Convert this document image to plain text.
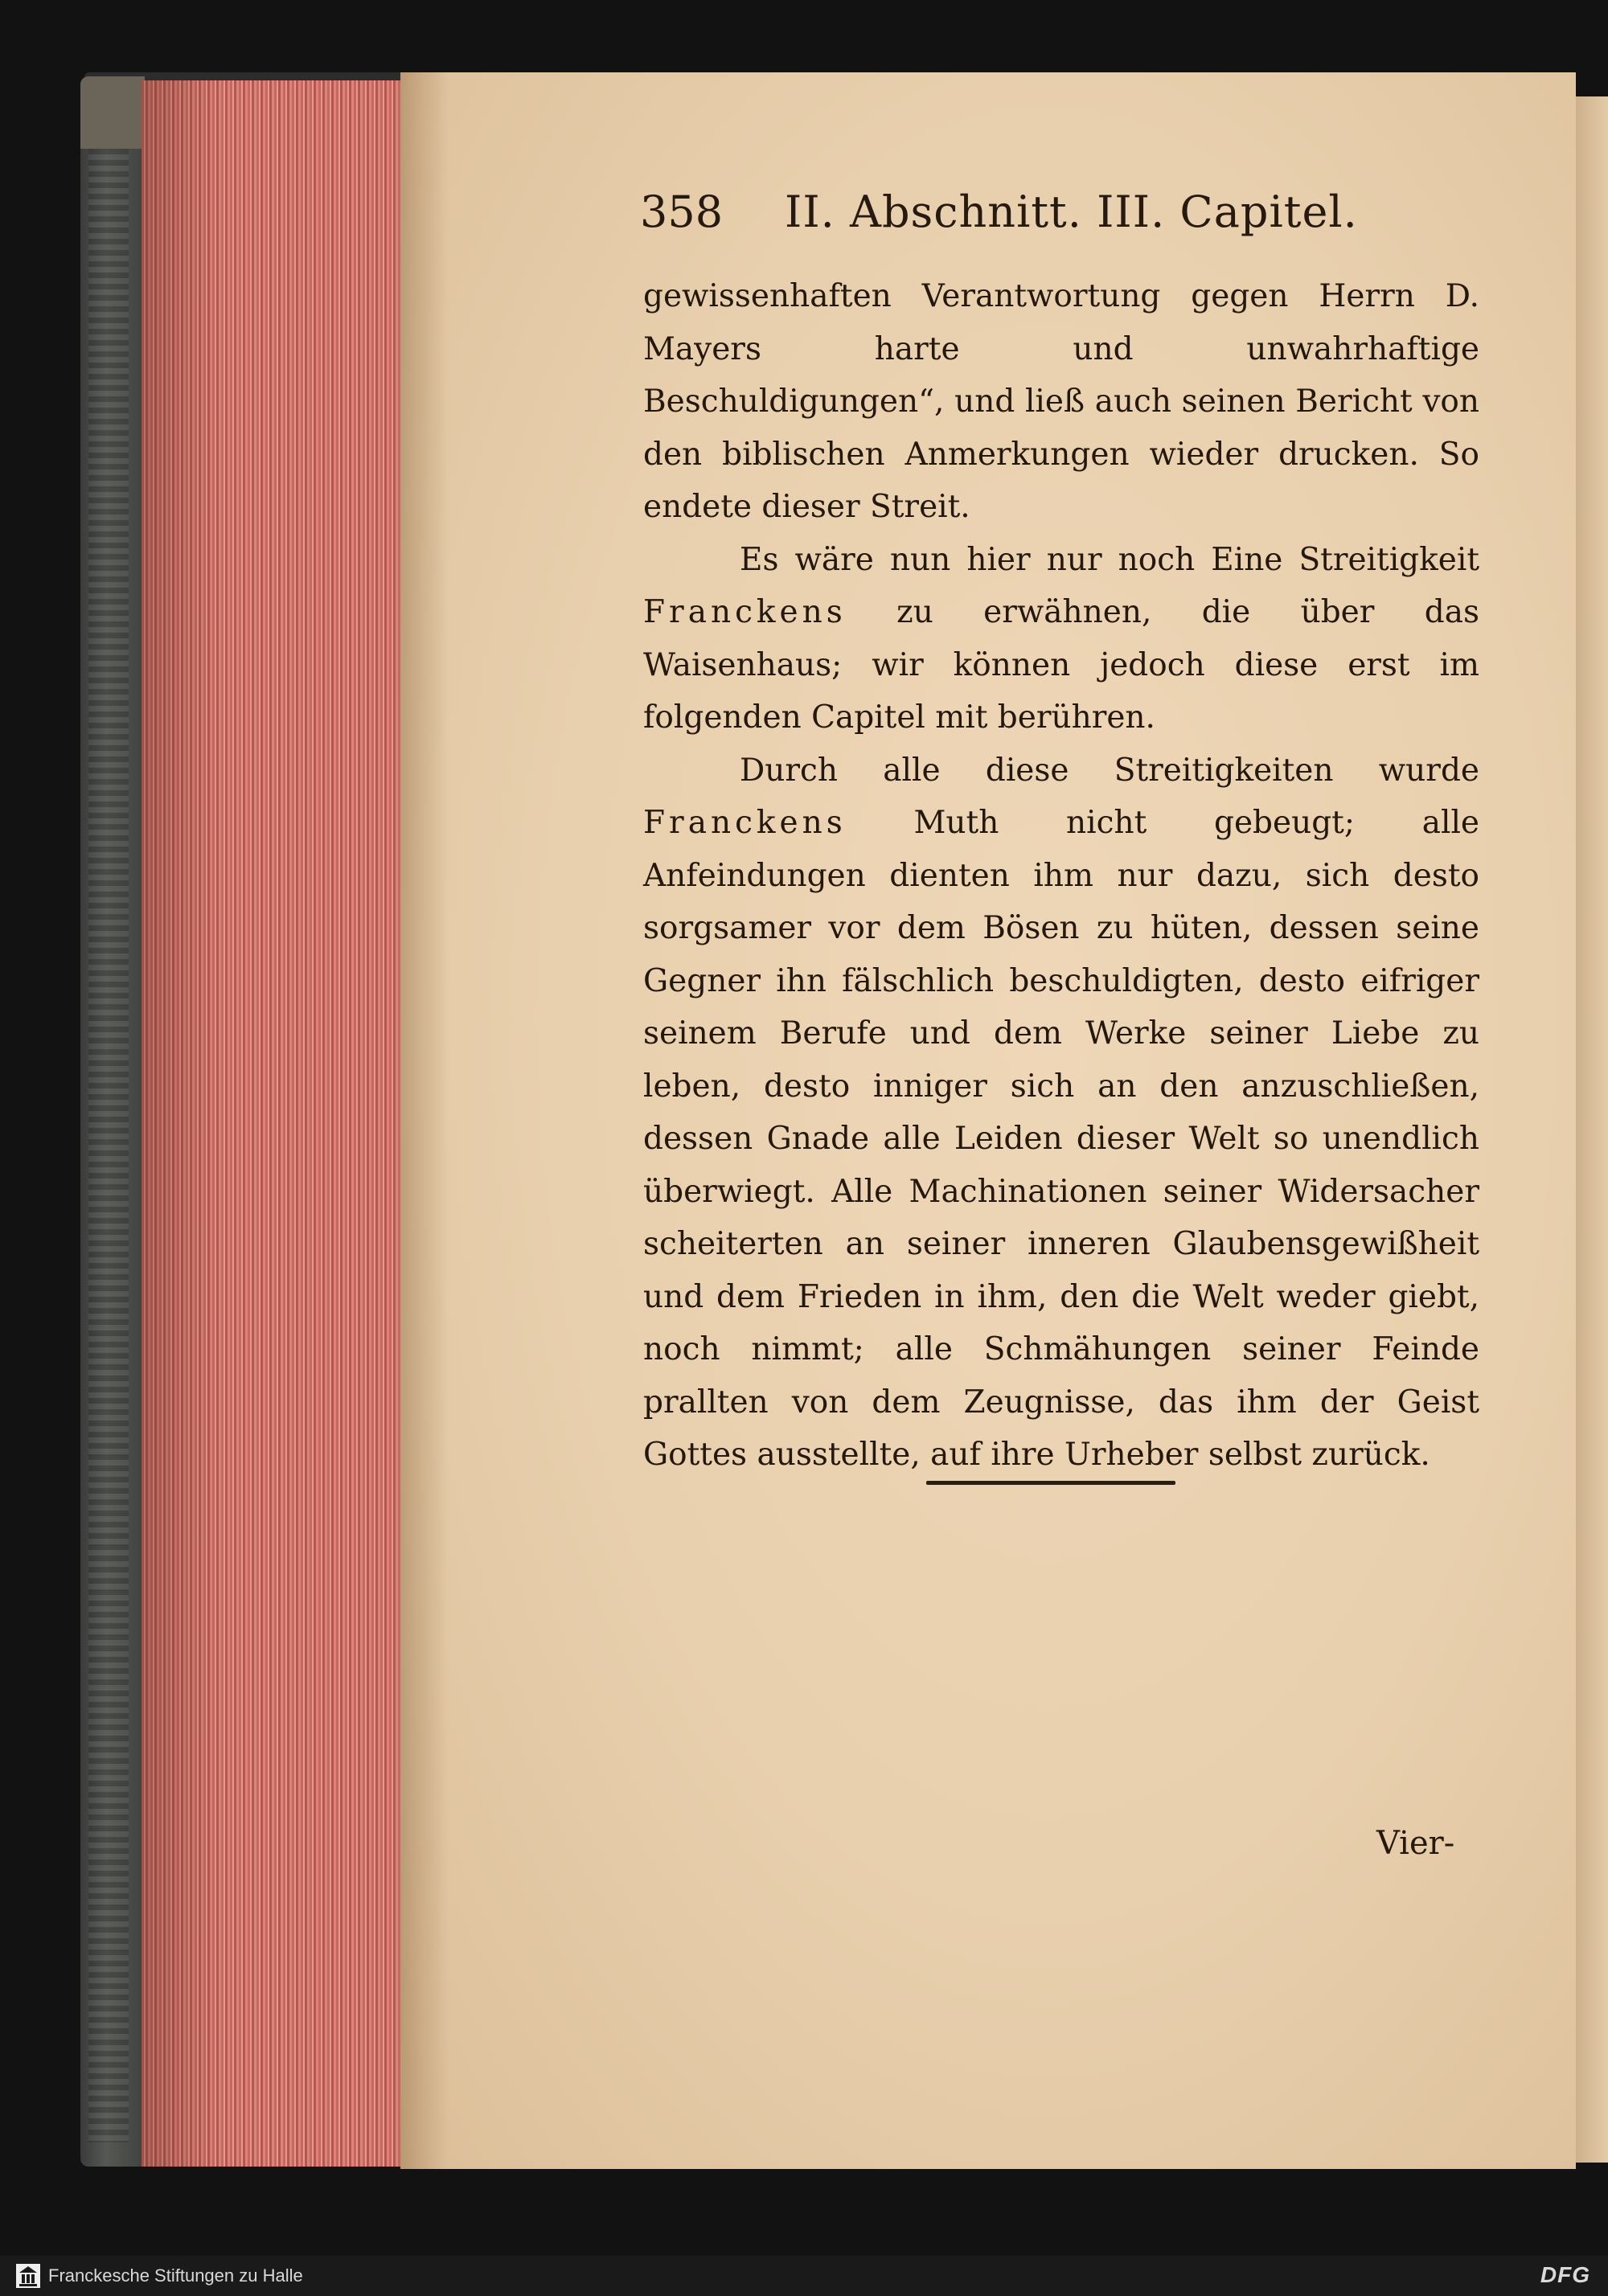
358 II. Abschnitt. III. Capitel.

gewissenhaften Verantwortung gegen Herrn D. Mayers harte und unwahrhaftige Beschuldigungen“, und ließ auch seinen Bericht von den biblischen Anmerkungen wieder drucken. So endete dieser Streit.

Es wäre nun hier nur noch Eine Streitigkeit Franckens zu erwähnen, die über das Waisenhaus; wir können jedoch diese erst im folgenden Capitel mit berühren.

Durch alle diese Streitigkeiten wurde Franckens Muth nicht gebeugt; alle Anfeindungen dienten ihm nur dazu, sich desto sorgsamer vor dem Bösen zu hüten, dessen seine Gegner ihn fälschlich beschuldigten, desto eifriger seinem Berufe und dem Werke seiner Liebe zu leben, desto inniger sich an den anzuschließen, dessen Gnade alle Leiden dieser Welt so unendlich überwiegt. Alle Machinationen seiner Widersacher scheiterten an seiner inneren Glaubensgewißheit und dem Frieden in ihm, den die Welt weder giebt, noch nimmt; alle Schmähungen seiner Feinde prallten von dem Zeugnisse, das ihm der Geist Gottes ausstellte, auf ihre Urheber selbst zurück.

Vier-
Franckesche Stiftungen zu Halle	DFG
